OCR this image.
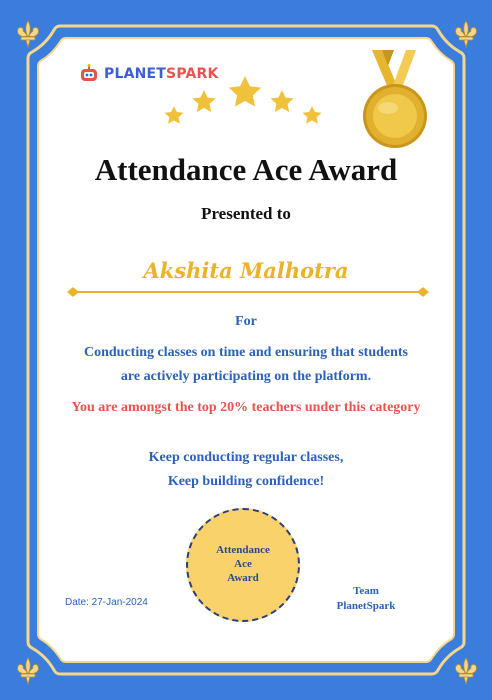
PLANETSPARK
Attendance Ace Award
Presented to
Akshita Malhotra
For
Conducting classes on time and ensuring that students
are actively participating on the platform.
You are amongst the top 20% teachers under this category
Keep conducting regular classes,
Keep building confidence!
Attendance
Ace
Award
Date: 27-Jan-2024
Team
PlanetSpark
